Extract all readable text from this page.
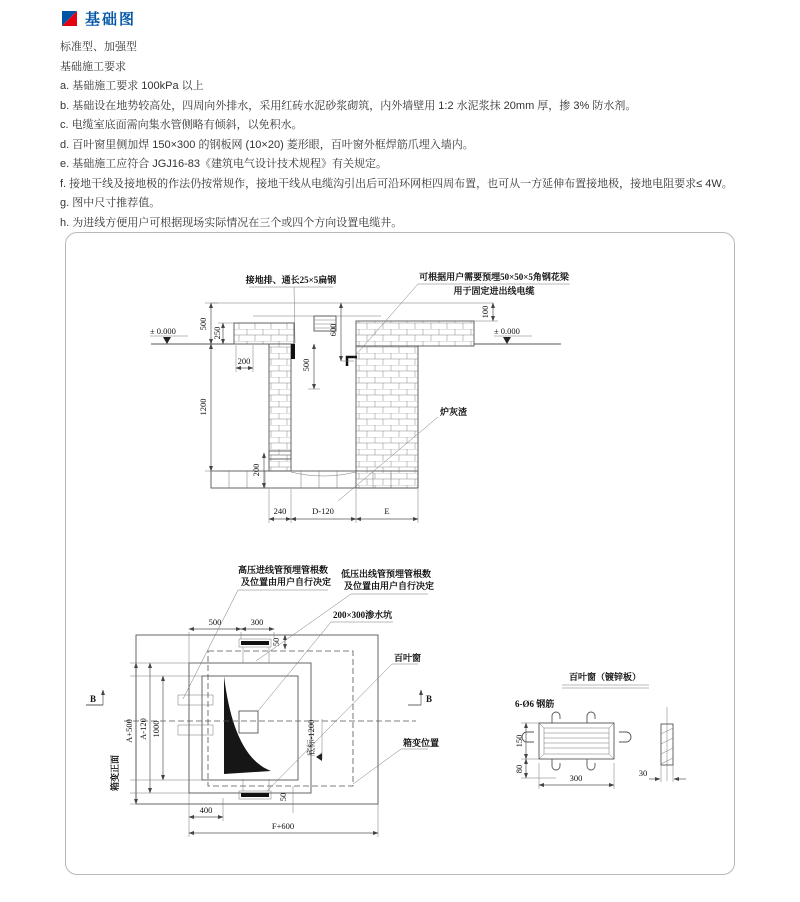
基础图
标准型、加强型
基础施工要求
a. 基础施工要求 100kPa 以上
b. 基础设在地势较高处，四周向外排水，采用红砖水泥砂浆砌筑，内外墙壁用 1:2 水泥浆抹 20mm 厚，掺 3% 防水剂。
c. 电缆室底面需向集水管侧略有倾斜，以免积水。
d. 百叶窗里侧加焊 150×300 的钢板网 (10×20) 菱形眼，百叶窗外框焊筋爪埋入墙内。
e. 基础施工应符合 JGJ16-83《建筑电气设计技术规程》有关规定。
f. 接地干线及接地极的作法仍按常规作，接地干线从电缆沟引出后可沿环网柜四周布置，也可从一方延伸布置接地极，接地电阻要求≤ 4W。
g. 图中尺寸推荐值。
h. 为进线方便用户可根据现场实际情况在三个或四个方向设置电缆井。
± 0.000	± 0.000
接地排、通长25×5扁钢	可根据用户需要预埋50×50×5角钢花梁
用于固定进出线电缆
炉灰渣
500
1200
250
200
200
500
600
100
240	D-120	E
底标-1200
B	B
A+500 A-120 1000
箱变正面
500	300
50
400
F+600
50
高压进线管预埋管根数
及位置由用户自行决定
低压出线管预埋管根数
及位置由用户自行决定
200×300渗水坑
百叶窗
箱变位置
百叶窗（镀锌板）
6-Ø6 钢筋
150
80
300	30
